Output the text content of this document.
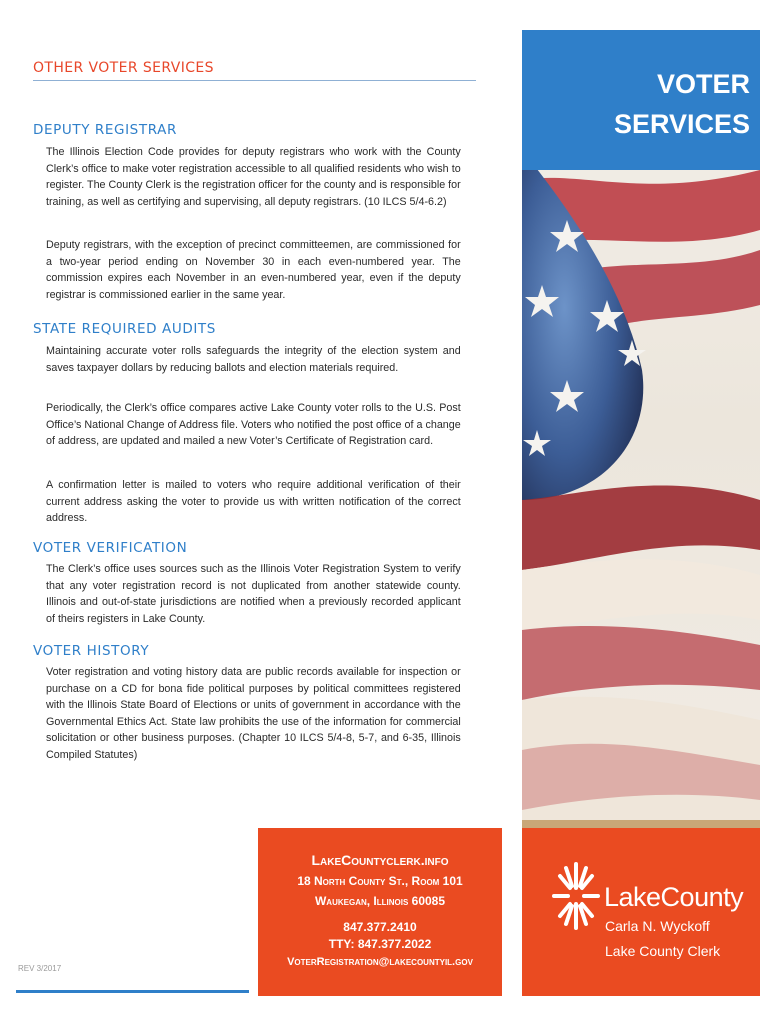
OTHER VOTER SERVICES
DEPUTY REGISTRAR
The Illinois Election Code provides for deputy registrars who work with the County Clerk’s office to make voter registration accessible to all qualified residents who wish to register. The County Clerk is the registration officer for the county and is responsible for training, as well as certifying and supervising, all deputy registrars. (10 ILCS 5/4-6.2)
Deputy registrars, with the exception of precinct committeemen, are commissioned for a two-year period ending on November 30 in each even-numbered year. The commission expires each November in an even-numbered year, even if the deputy registrar is commissioned earlier in the same year.
STATE REQUIRED AUDITS
Maintaining accurate voter rolls safeguards the integrity of the election system and saves taxpayer dollars by reducing ballots and election materials required.
Periodically, the Clerk’s office compares active Lake County voter rolls to the U.S. Post Office’s National Change of Address file. Voters who notified the post office of a change of address, are updated and mailed a new Voter’s Certificate of Registration card.
A confirmation letter is mailed to voters who require additional verification of their current address asking the voter to provide us with written notification of the correct address.
VOTER VERIFICATION
The Clerk’s office uses sources such as the Illinois Voter Registration System to verify that any voter registration record is not duplicated from another statewide county. Illinois and out-of-state jurisdictions are notified when a previously recorded applicant of theirs registers in Lake County.
VOTER HISTORY
Voter registration and voting history data are public records available for inspection or purchase on a CD for bona fide political purposes by political committees registered with the Illinois State Board of Elections or units of government in accordance with the Governmental Ethics Act. State law prohibits the use of the information for commercial solicitation or other business purposes. (Chapter 10 ILCS 5/4-8, 5-7, and 6-35, Illinois Compiled Statutes)
REV 3/2017
VOTER
SERVICES
LakeCountyclerk.info
18 North County St., Room 101
Waukegan, Illinois 60085
847.377.2410
TTY: 847.377.2022
VoterRegistration@lakecountyil.gov
LakeCounty
Carla N. Wyckoff
Lake County Clerk
